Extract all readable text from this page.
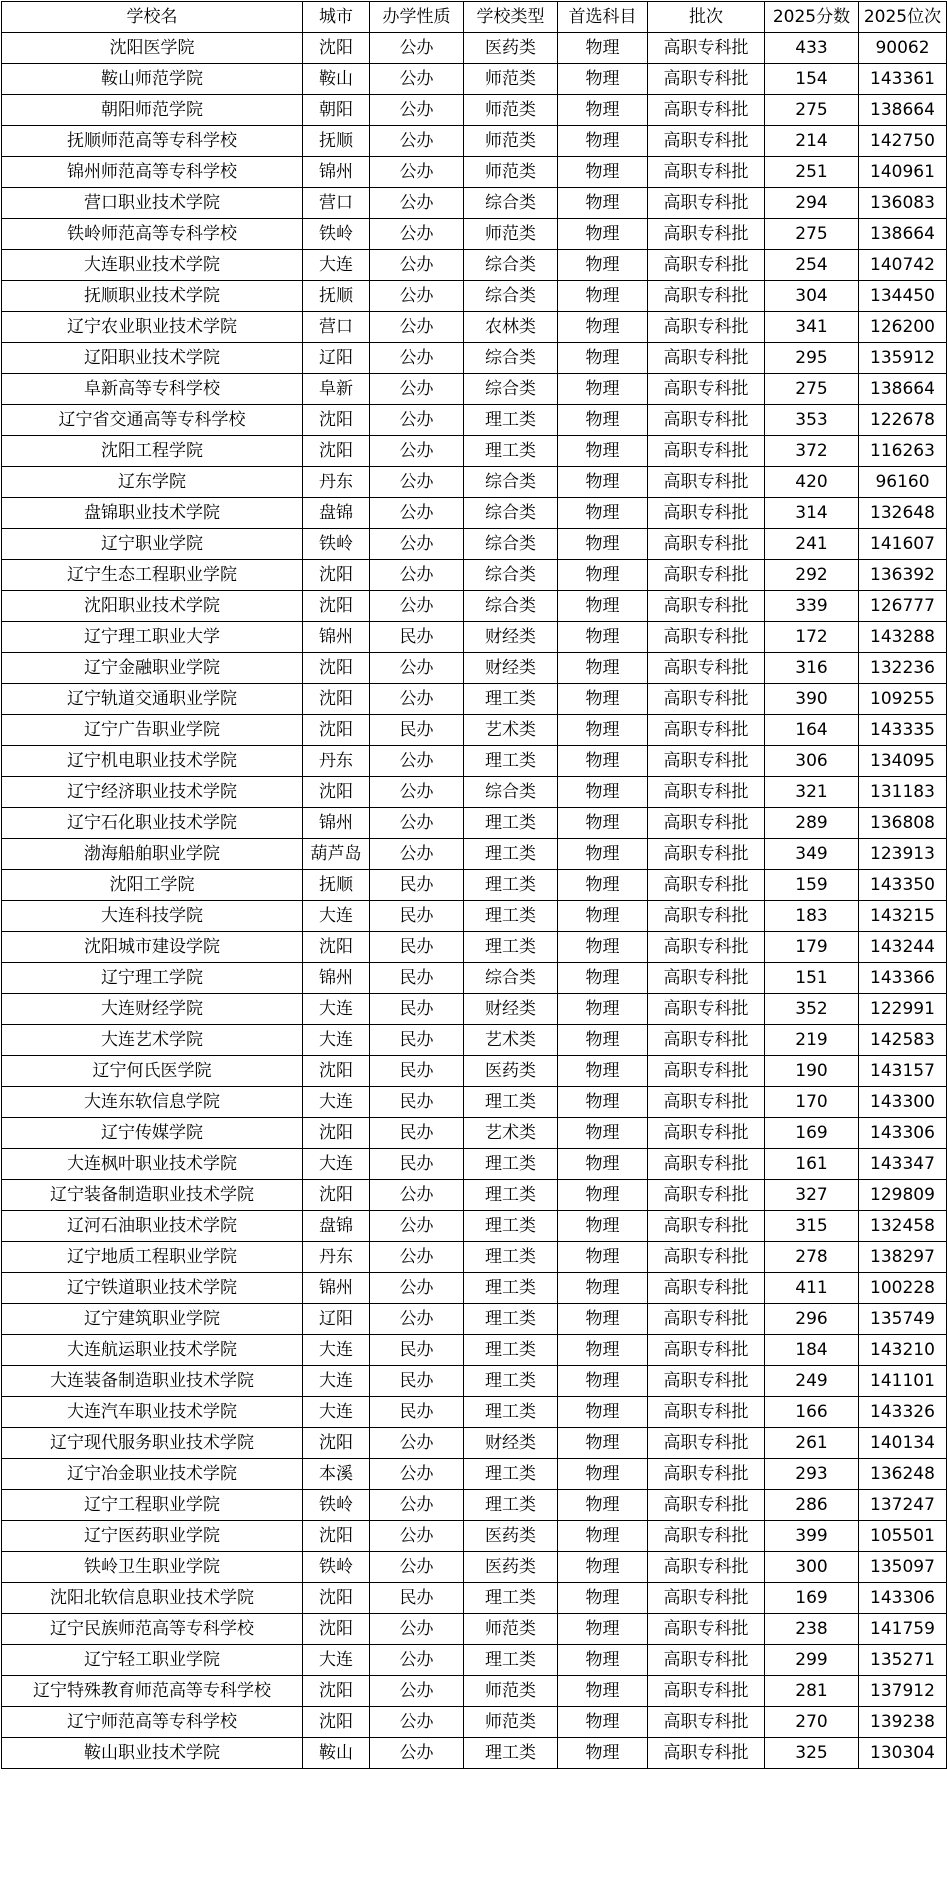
学校名	城市	办学性质	学校类型	首选科目	批次	2025分数	2025位次
沈阳医学院	沈阳	公办	医药类	物理	高职专科批	433	90062
鞍山师范学院	鞍山	公办	师范类	物理	高职专科批	154	143361
朝阳师范学院	朝阳	公办	师范类	物理	高职专科批	275	138664
抚顺师范高等专科学校	抚顺	公办	师范类	物理	高职专科批	214	142750
锦州师范高等专科学校	锦州	公办	师范类	物理	高职专科批	251	140961
营口职业技术学院	营口	公办	综合类	物理	高职专科批	294	136083
铁岭师范高等专科学校	铁岭	公办	师范类	物理	高职专科批	275	138664
大连职业技术学院	大连	公办	综合类	物理	高职专科批	254	140742
抚顺职业技术学院	抚顺	公办	综合类	物理	高职专科批	304	134450
辽宁农业职业技术学院	营口	公办	农林类	物理	高职专科批	341	126200
辽阳职业技术学院	辽阳	公办	综合类	物理	高职专科批	295	135912
阜新高等专科学校	阜新	公办	综合类	物理	高职专科批	275	138664
辽宁省交通高等专科学校	沈阳	公办	理工类	物理	高职专科批	353	122678
沈阳工程学院	沈阳	公办	理工类	物理	高职专科批	372	116263
辽东学院	丹东	公办	综合类	物理	高职专科批	420	96160
盘锦职业技术学院	盘锦	公办	综合类	物理	高职专科批	314	132648
辽宁职业学院	铁岭	公办	综合类	物理	高职专科批	241	141607
辽宁生态工程职业学院	沈阳	公办	综合类	物理	高职专科批	292	136392
沈阳职业技术学院	沈阳	公办	综合类	物理	高职专科批	339	126777
辽宁理工职业大学	锦州	民办	财经类	物理	高职专科批	172	143288
辽宁金融职业学院	沈阳	公办	财经类	物理	高职专科批	316	132236
辽宁轨道交通职业学院	沈阳	公办	理工类	物理	高职专科批	390	109255
辽宁广告职业学院	沈阳	民办	艺术类	物理	高职专科批	164	143335
辽宁机电职业技术学院	丹东	公办	理工类	物理	高职专科批	306	134095
辽宁经济职业技术学院	沈阳	公办	综合类	物理	高职专科批	321	131183
辽宁石化职业技术学院	锦州	公办	理工类	物理	高职专科批	289	136808
渤海船舶职业学院	葫芦岛	公办	理工类	物理	高职专科批	349	123913
沈阳工学院	抚顺	民办	理工类	物理	高职专科批	159	143350
大连科技学院	大连	民办	理工类	物理	高职专科批	183	143215
沈阳城市建设学院	沈阳	民办	理工类	物理	高职专科批	179	143244
辽宁理工学院	锦州	民办	综合类	物理	高职专科批	151	143366
大连财经学院	大连	民办	财经类	物理	高职专科批	352	122991
大连艺术学院	大连	民办	艺术类	物理	高职专科批	219	142583
辽宁何氏医学院	沈阳	民办	医药类	物理	高职专科批	190	143157
大连东软信息学院	大连	民办	理工类	物理	高职专科批	170	143300
辽宁传媒学院	沈阳	民办	艺术类	物理	高职专科批	169	143306
大连枫叶职业技术学院	大连	民办	理工类	物理	高职专科批	161	143347
辽宁装备制造职业技术学院	沈阳	公办	理工类	物理	高职专科批	327	129809
辽河石油职业技术学院	盘锦	公办	理工类	物理	高职专科批	315	132458
辽宁地质工程职业学院	丹东	公办	理工类	物理	高职专科批	278	138297
辽宁铁道职业技术学院	锦州	公办	理工类	物理	高职专科批	411	100228
辽宁建筑职业学院	辽阳	公办	理工类	物理	高职专科批	296	135749
大连航运职业技术学院	大连	民办	理工类	物理	高职专科批	184	143210
大连装备制造职业技术学院	大连	民办	理工类	物理	高职专科批	249	141101
大连汽车职业技术学院	大连	民办	理工类	物理	高职专科批	166	143326
辽宁现代服务职业技术学院	沈阳	公办	财经类	物理	高职专科批	261	140134
辽宁冶金职业技术学院	本溪	公办	理工类	物理	高职专科批	293	136248
辽宁工程职业学院	铁岭	公办	理工类	物理	高职专科批	286	137247
辽宁医药职业学院	沈阳	公办	医药类	物理	高职专科批	399	105501
铁岭卫生职业学院	铁岭	公办	医药类	物理	高职专科批	300	135097
沈阳北软信息职业技术学院	沈阳	民办	理工类	物理	高职专科批	169	143306
辽宁民族师范高等专科学校	沈阳	公办	师范类	物理	高职专科批	238	141759
辽宁轻工职业学院	大连	公办	理工类	物理	高职专科批	299	135271
辽宁特殊教育师范高等专科学校	沈阳	公办	师范类	物理	高职专科批	281	137912
辽宁师范高等专科学校	沈阳	公办	师范类	物理	高职专科批	270	139238
鞍山职业技术学院	鞍山	公办	理工类	物理	高职专科批	325	130304
